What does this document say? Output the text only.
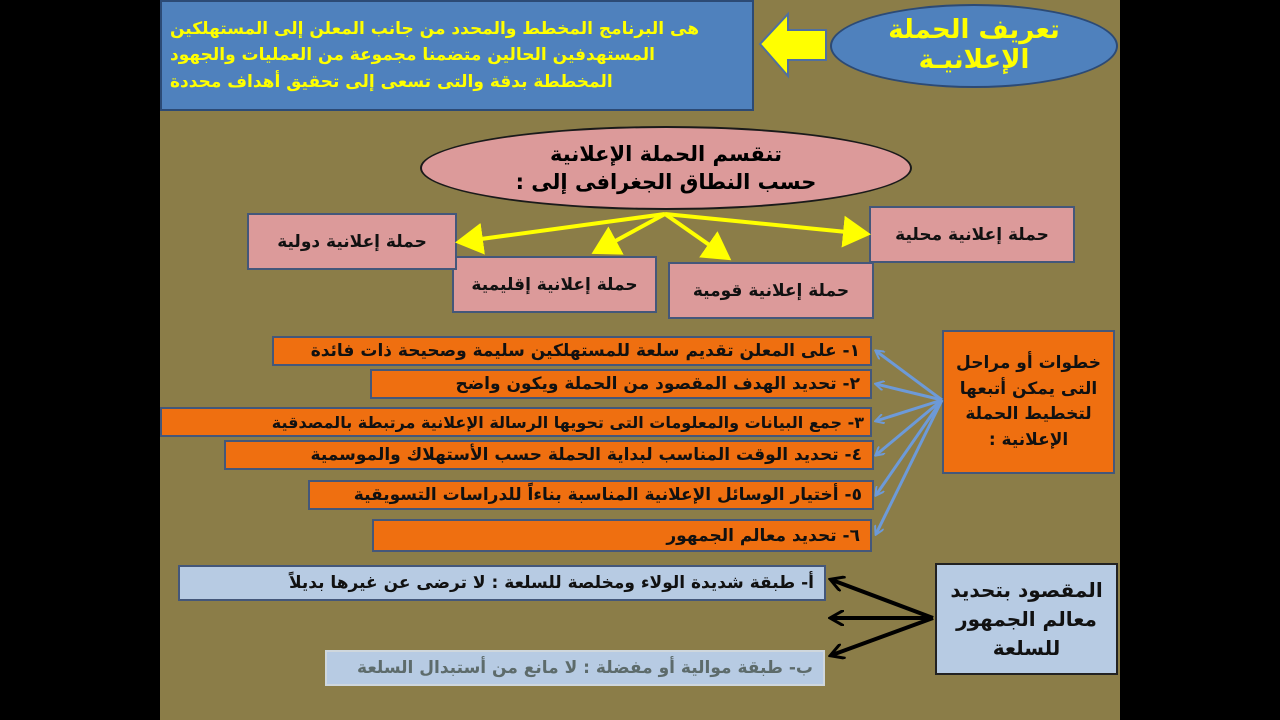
تعريف الحملة
الإعلانيـة
هى البرنامج المخطط والمحدد من جانب المعلن إلى المستهلكين
المستهدفين الحالين متضمنا مجموعة من العمليات والجهود
المخططة بدقة والتى تسعى إلى تحقيق أهداف محددة
تنقسم الحملة الإعلانية
حسب النطاق الجغرافى إلى :
حملة إعلانية محلية
حملة إعلانية قومية
حملة إعلانية إقليمية
حملة إعلانية دولية
خطوات أو مراحل
التى يمكن أتبعها
لتخطيط الحملة
الإعلانية :
١- على المعلن تقديم سلعة للمستهلكين سليمة وصحيحة ذات فائدة
٢- تحديد الهدف المقصود من الحملة ويكون واضح
٣- جمع البيانات والمعلومات التى تحويها الرسالة الإعلانية مرتبطة بالمصدقية
٤- تحديد الوقت المناسب لبداية الحملة حسب الأستهلاك والموسمية
٥- أختيار الوسائل الإعلانية المناسبة بناءاً للدراسات التسويقية
٦- تحديد معالم الجمهور
المقصود بتحديد
معالم الجمهور
للسلعة
أ- طبقة شديدة الولاء ومخلصة للسلعة : لا ترضى عن غيرها بديلاً
ب- طبقة موالية أو مفضلة : لا مانع من أستبدال السلعة
